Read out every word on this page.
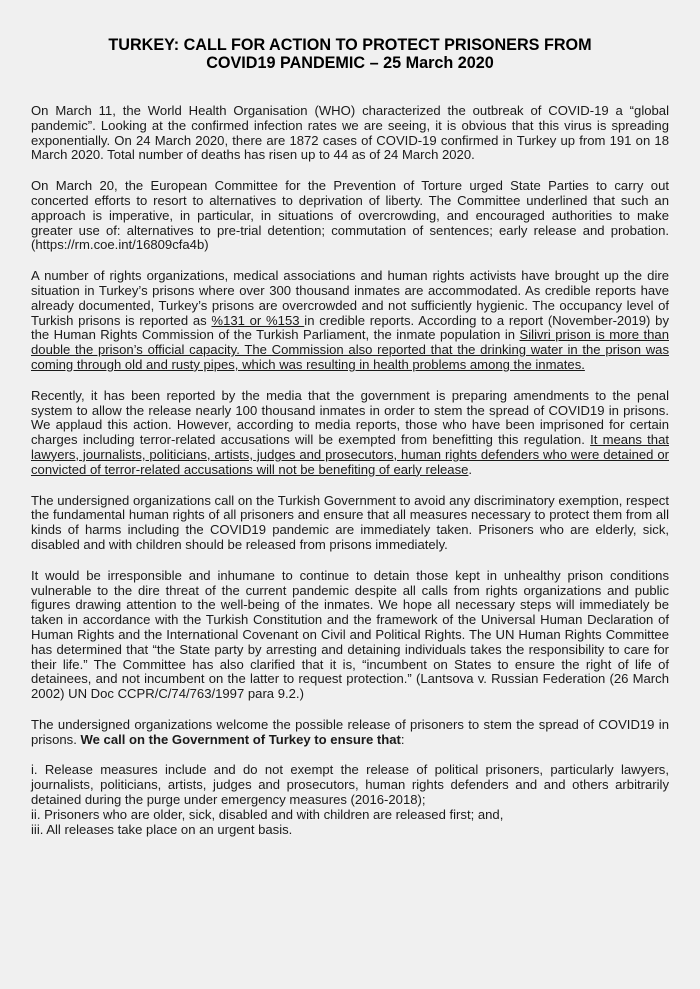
TURKEY: CALL FOR ACTION TO PROTECT PRISONERS FROM
COVID19 PANDEMIC – 25 March 2020

On March 11, the World Health Organisation (WHO) characterized the outbreak of COVID-19 a “global pandemic”. Looking at the confirmed infection rates we are seeing, it is obvious that this virus is spreading exponentially. On 24 March 2020, there are 1872 cases of COVID-19 confirmed in Turkey up from 191 on 18 March 2020. Total number of deaths has risen up to 44 as of 24 March 2020.

On March 20, the European Committee for the Prevention of Torture urged State Parties to carry out concerted efforts to resort to alternatives to deprivation of liberty. The Committee underlined that such an approach is imperative, in particular, in situations of overcrowding, and encouraged authorities to make greater use of: alternatives to pre-trial detention; commutation of sentences; early release and probation. (https://rm.coe.int/16809cfa4b)

A number of rights organizations, medical associations and human rights activists have brought up the dire situation in Turkey’s prisons where over 300 thousand inmates are accommodated. As credible reports have already documented, Turkey’s prisons are overcrowded and not sufficiently hygienic. The occupancy level of Turkish prisons is reported as %131 or %153 in credible reports. According to a report (November-2019) by the Human Rights Commission of the Turkish Parliament, the inmate population in Silivri prison is more than double the prison’s official capacity. The Commission also reported that the drinking water in the prison was coming through old and rusty pipes, which was resulting in health problems among the inmates.

Recently, it has been reported by the media that the government is preparing amendments to the penal system to allow the release nearly 100 thousand inmates in order to stem the spread of COVID19 in prisons. We applaud this action. However, according to media reports, those who have been imprisoned for certain charges including terror-related accusations will be exempted from benefitting this regulation. It means that lawyers, journalists, politicians, artists, judges and prosecutors, human rights defenders who were detained or convicted of terror-related accusations will not be benefiting of early release.

The undersigned organizations call on the Turkish Government to avoid any discriminatory exemption, respect the fundamental human rights of all prisoners and ensure that all measures necessary to protect them from all kinds of harms including the COVID19 pandemic are immediately taken. Prisoners who are elderly, sick, disabled and with children should be released from prisons immediately.

It would be irresponsible and inhumane to continue to detain those kept in unhealthy prison conditions vulnerable to the dire threat of the current pandemic despite all calls from rights organizations and public figures drawing attention to the well-being of the inmates. We hope all necessary steps will immediately be taken in accordance with the Turkish Constitution and the framework of the Universal Human Declaration of Human Rights and the International Covenant on Civil and Political Rights. The UN Human Rights Committee has determined that “the State party by arresting and detaining individuals takes the responsibility to care for their life.” The Committee has also clarified that it is, “incumbent on States to ensure the right of life of detainees, and not incumbent on the latter to request protection.” (Lantsova v. Russian Federation (26 March 2002) UN Doc CCPR/C/74/763/1997 para 9.2.)

The undersigned organizations welcome the possible release of prisoners to stem the spread of COVID19 in prisons. We call on the Government of Turkey to ensure that:

i. Release measures include and do not exempt the release of political prisoners, particularly lawyers, journalists, politicians, artists, judges and prosecutors, human rights defenders and and others arbitrarily detained during the purge under emergency measures (2016-2018);
ii. Prisoners who are older, sick, disabled and with children are released first; and,
iii. All releases take place on an urgent basis.
